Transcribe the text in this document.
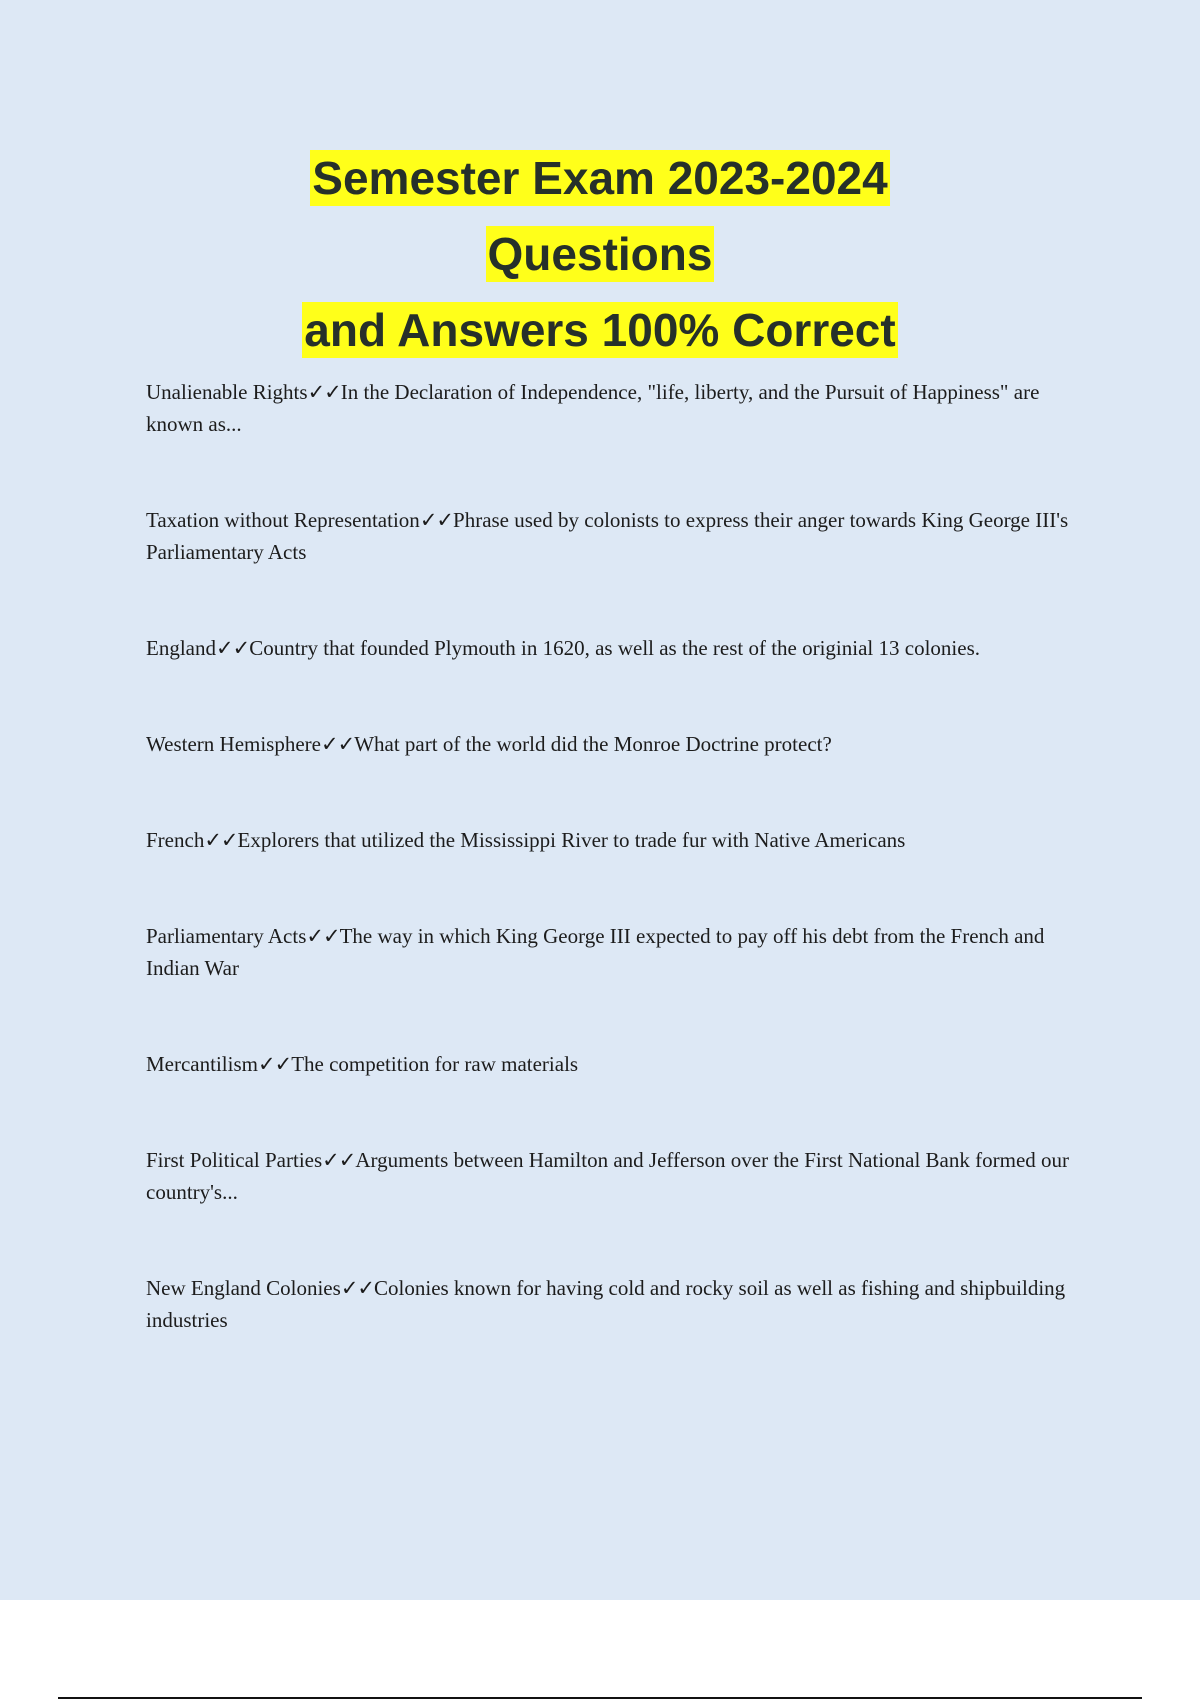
Semester Exam 2023-2024
Questions
and Answers 100% Correct
Unalienable Rights✓✓In the Declaration of Independence, "life, liberty, and the Pursuit of Happiness" are known as...
Taxation without Representation✓✓Phrase used by colonists to express their anger towards King George III's Parliamentary Acts
England✓✓Country that founded Plymouth in 1620, as well as the rest of the originial 13 colonies.
Western Hemisphere✓✓What part of the world did the Monroe Doctrine protect?
French✓✓Explorers that utilized the Mississippi River to trade fur with Native Americans
Parliamentary Acts✓✓The way in which King George III expected to pay off his debt from the French and Indian War
Mercantilism✓✓The competition for raw materials
First Political Parties✓✓Arguments between Hamilton and Jefferson over the First National Bank formed our country's...
New England Colonies✓✓Colonies known for having cold and rocky soil as well as fishing and shipbuilding industries
